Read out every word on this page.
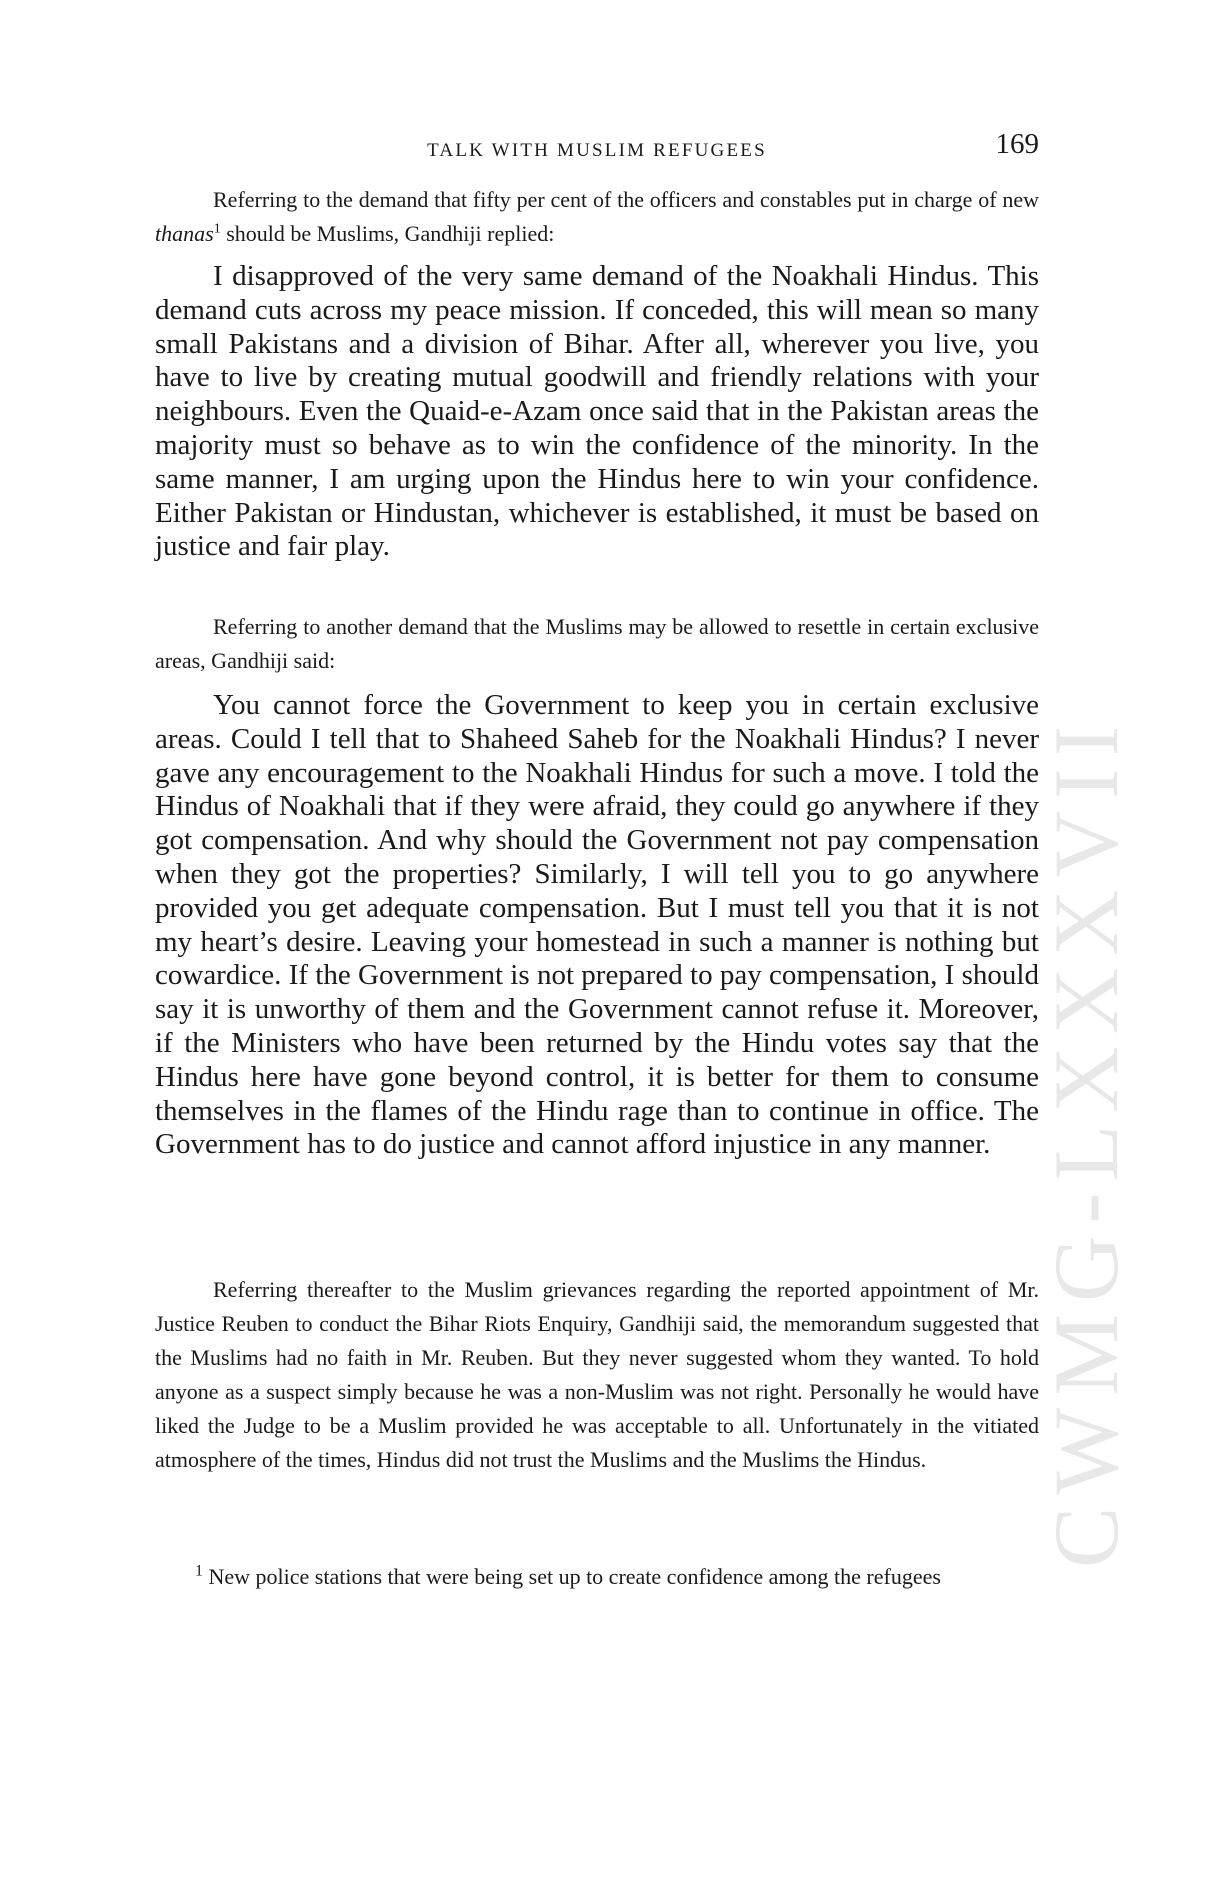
CWMG-LXXXVII
TALK WITH MUSLIM REFUGEES	169

Referring to the demand that fifty per cent of the officers and constables put in charge of new thanas$^1$ should be Muslims, Gandhiji replied:

I disapproved of the very same demand of the Noakhali Hindus. This demand cuts across my peace mission. If conceded, this will mean so many small Pakistans and a division of Bihar. After all, wherever you live, you have to live by creating mutual goodwill and friendly relations with your neighbours. Even the Quaid-e-Azam once said that in the Pakistan areas the majority must so behave as to win the confidence of the minority. In the same manner, I am urging upon the Hindus here to win your confidence. Either Pakistan or Hindustan, whichever is established, it must be based on justice and fair play.

Referring to another demand that the Muslims may be allowed to resettle in certain exclusive areas, Gandhiji said:

You cannot force the Government to keep you in certain exclusive areas. Could I tell that to Shaheed Saheb for the Noakhali Hindus? I never gave any encouragement to the Noakhali Hindus for such a move. I told the Hindus of Noakhali that if they were afraid, they could go anywhere if they got compensation. And why should the Government not pay compensation when they got the properties? Similarly, I will tell you to go anywhere provided you get adequate compensation. But I must tell you that it is not my heart’s desire. Leaving your homestead in such a manner is nothing but cowardice. If the Government is not prepared to pay compensation, I should say it is unworthy of them and the Government cannot refuse it. Moreover, if the Ministers who have been returned by the Hindu votes say that the Hindus here have gone beyond control, it is better for them to consume themselves in the flames of the Hindu rage than to continue in office. The Government has to do justice and cannot afford injustice in any manner.

Referring thereafter to the Muslim grievances regarding the reported appointment of Mr. Justice Reuben to conduct the Bihar Riots Enquiry, Gandhiji said, the memorandum suggested that the Muslims had no faith in Mr. Reuben. But they never suggested whom they wanted. To hold anyone as a suspect simply because he was a non-Muslim was not right. Personally he would have liked the Judge to be a Muslim provided he was acceptable to all. Unfortunately in the vitiated atmosphere of the times, Hindus did not trust the Muslims and the Muslims the Hindus.

$^1$ New police stations that were being set up to create confidence among the refugees
